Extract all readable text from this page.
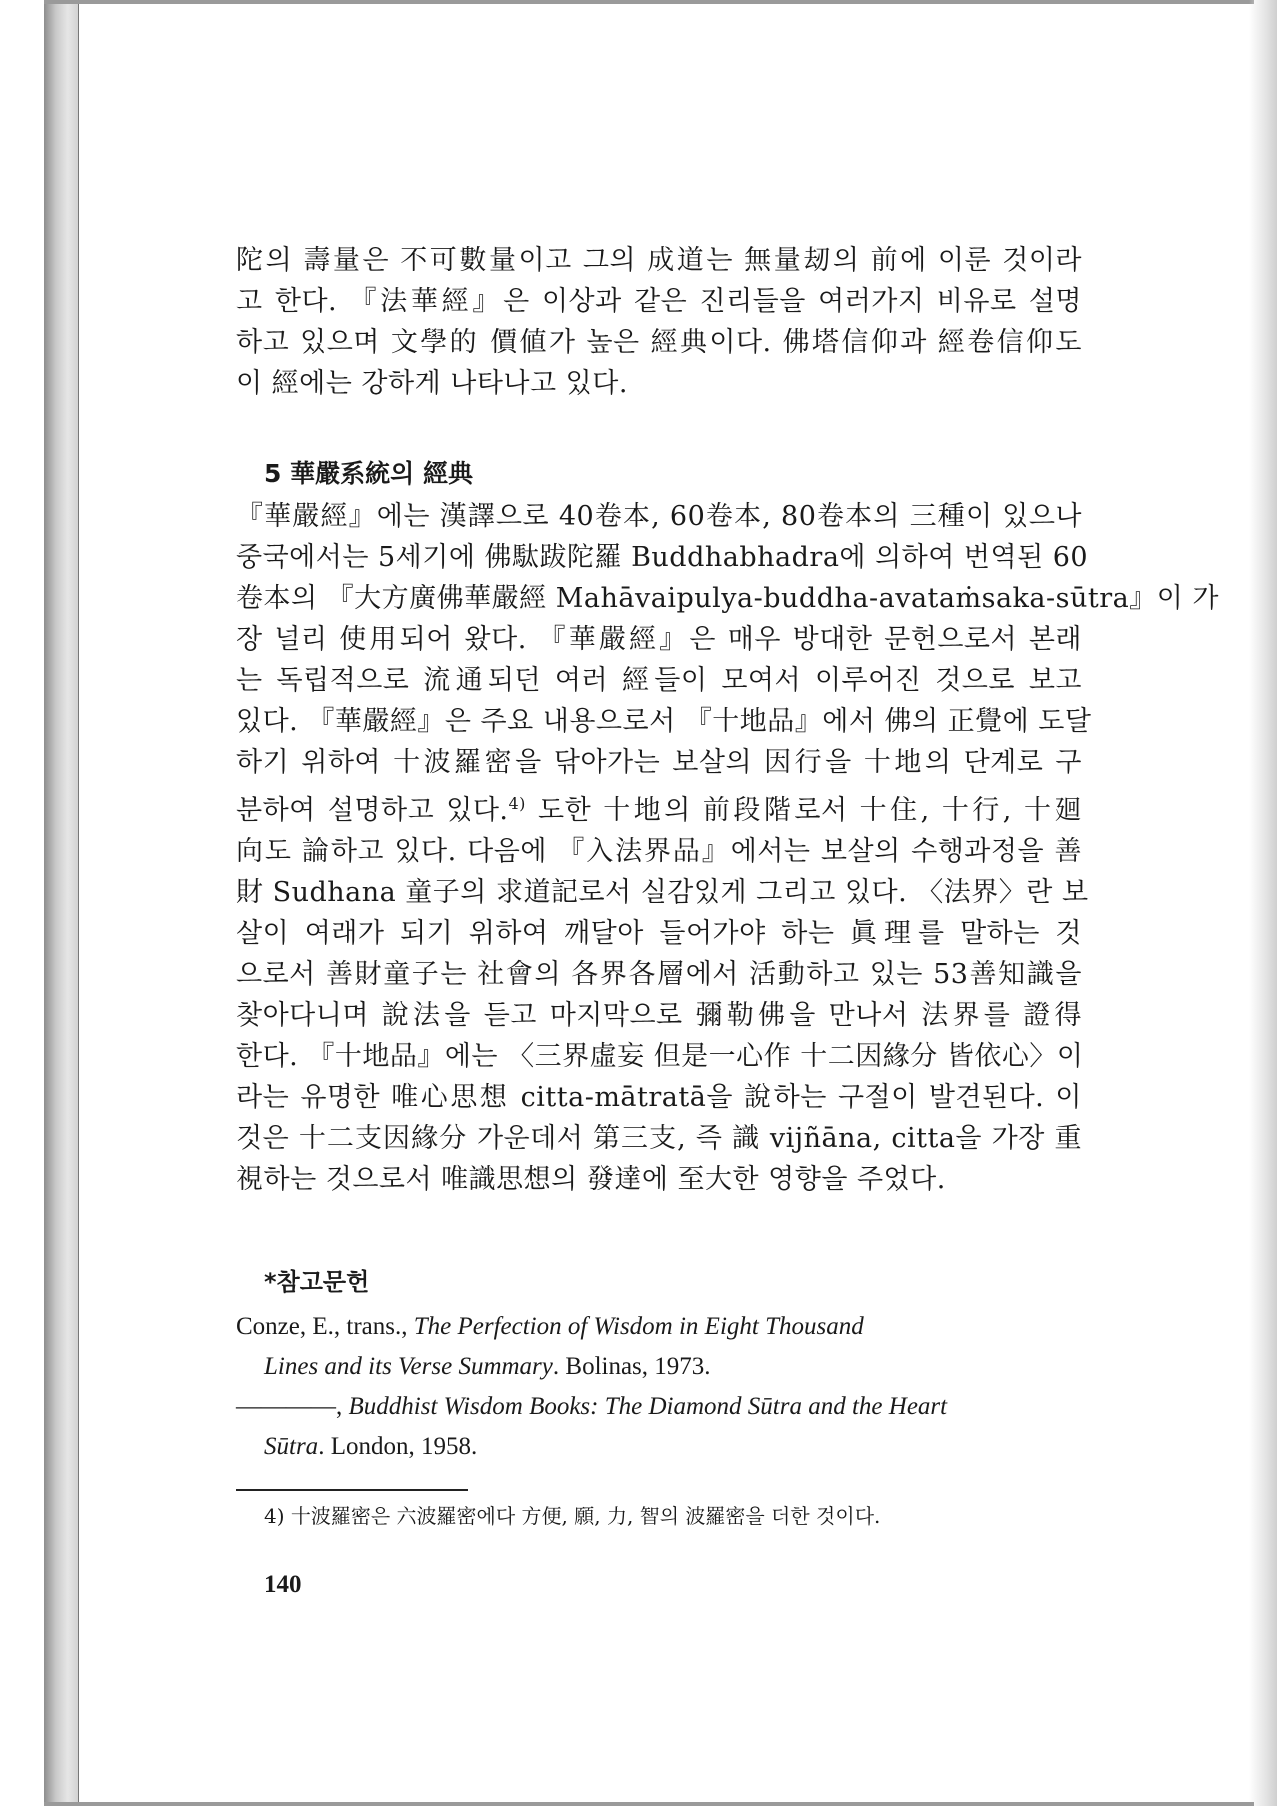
陀의 壽量은 不可數量이고 그의 成道는 無量刼의 前에 이룬 것이라
고 한다. 『法華經』은 이상과 같은 진리들을 여러가지 비유로 설명
하고 있으며 文學的 價値가 높은 經典이다. 佛塔信仰과 經卷信仰도
이 經에는 강하게 나타나고 있다.

5 華嚴系統의 經典

『華嚴經』에는 漢譯으로 40卷本, 60卷本, 80卷本의 三種이 있으나
중국에서는 5세기에 佛駄跋陀羅 Buddhabhadra에 의하여 번역된 60
卷本의 『大方廣佛華嚴經 Mahāvaipulya-buddha-avataṁsaka-sūtra』이 가
장 널리 使用되어 왔다. 『華嚴經』은 매우 방대한 문헌으로서 본래
는 독립적으로 流通되던 여러 經들이 모여서 이루어진 것으로 보고
있다. 『華嚴經』은 주요 내용으로서 『十地品』에서 佛의 正覺에 도달
하기 위하여 十波羅密을 닦아가는 보살의 因行을 十地의 단계로 구
분하여 설명하고 있다.$^{4)}$ 도한 十地의 前段階로서 十住, 十行, 十廻
向도 論하고 있다. 다음에 『入法界品』에서는 보살의 수행과정을 善
財 Sudhana 童子의 求道記로서 실감있게 그리고 있다. 〈法界〉란 보
살이 여래가 되기 위하여 깨달아 들어가야 하는 眞理를 말하는 것
으로서 善財童子는 社會의 各界各層에서 活動하고 있는 53善知識을
찾아다니며 說法을 듣고 마지막으로 彌勒佛을 만나서 法界를 證得
한다. 『十地品』에는 〈三界虛妄 但是一心作 十二因緣分 皆依心〉이
라는 유명한 唯心思想 citta-mātratā을 說하는 구절이 발견된다. 이
것은 十二支因緣分 가운데서 第三支, 즉 識 vijñāna, citta을 가장 重
視하는 것으로서 唯識思想의 發達에 至大한 영향을 주었다.

*참고문헌
Conze, E., trans., The Perfection of Wisdom in Eight Thousand
Lines and its Verse Summary. Bolinas, 1973.
————, Buddhist Wisdom Books: The Diamond Sūtra and the Heart
Sūtra. London, 1958.

4) 十波羅密은 六波羅密에다 方便, 願, 力, 智의 波羅密을 더한 것이다.

140
